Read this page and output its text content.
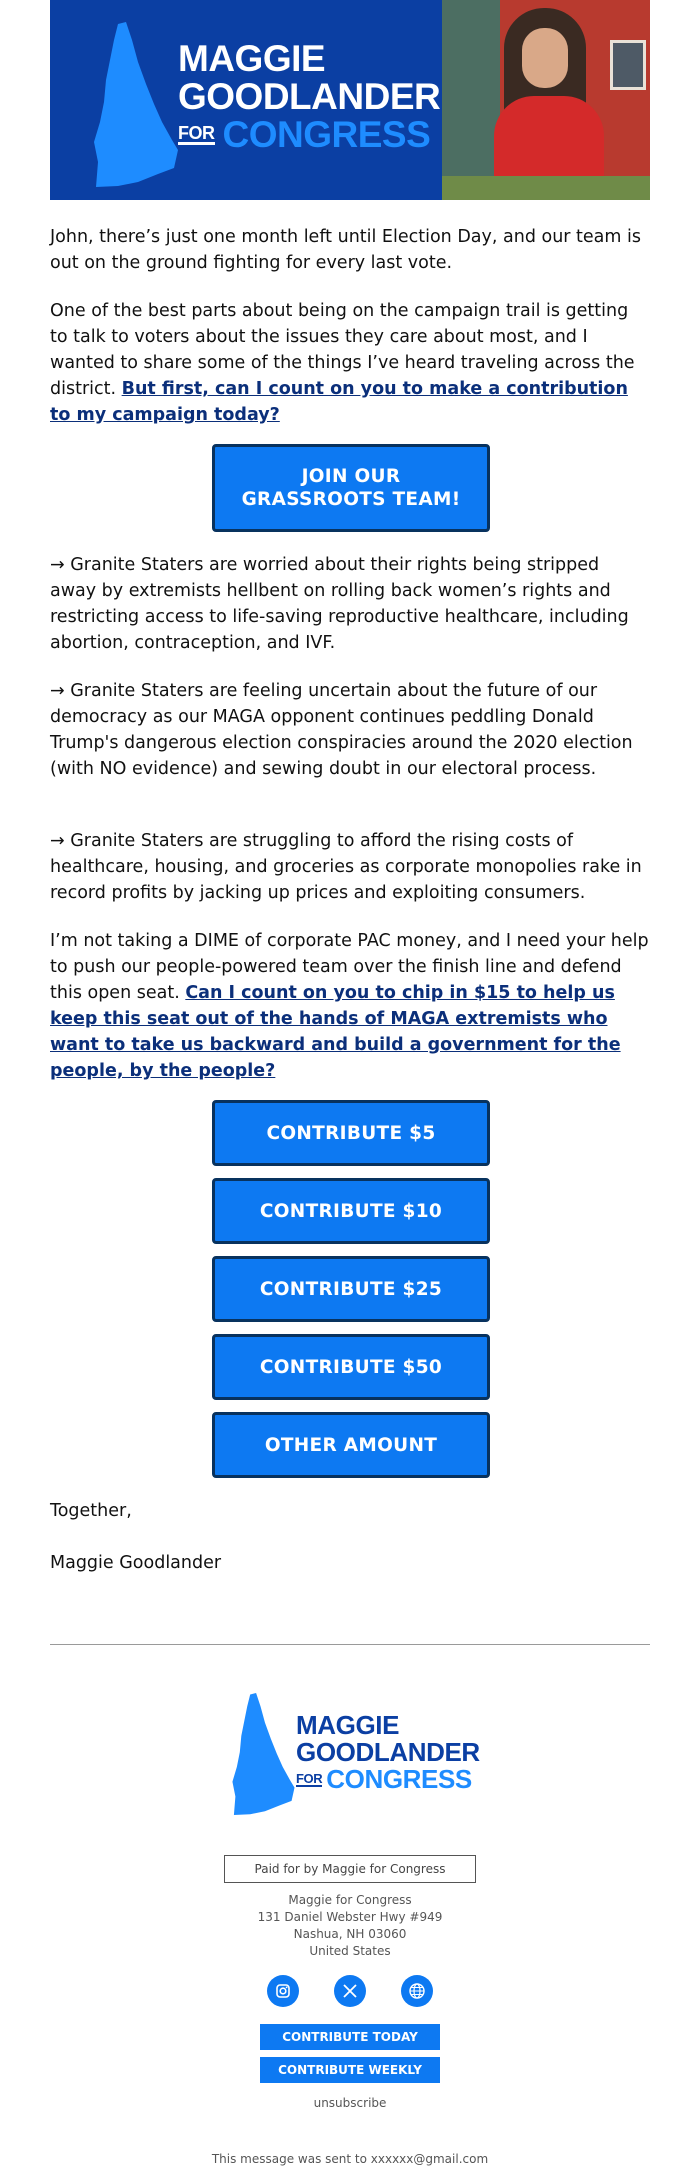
MAGGIE
GOODLANDER
FOR CONGRESS

John, there’s just one month left until Election Day, and our team is out on the ground fighting for every last vote.

One of the best parts about being on the campaign trail is getting to talk to voters about the issues they care about most, and I wanted to share some of the things I’ve heard traveling across the district. But first, can I count on you to make a contribution to my campaign today?

JOIN OUR GRASSROOTS TEAM!

→ Granite Staters are worried about their rights being stripped away by extremists hellbent on rolling back women’s rights and restricting access to life-saving reproductive healthcare, including abortion, contraception, and IVF.

→ Granite Staters are feeling uncertain about the future of our democracy as our MAGA opponent continues peddling Donald Trump's dangerous election conspiracies around the 2020 election (with NO evidence) and sewing doubt in our electoral process.

→ Granite Staters are struggling to afford the rising costs of healthcare, housing, and groceries as corporate monopolies rake in record profits by jacking up prices and exploiting consumers.

I’m not taking a DIME of corporate PAC money, and I need your help to push our people-powered team over the finish line and defend this open seat. Can I count on you to chip in $15 to help us keep this seat out of the hands of MAGA extremists who want to take us backward and build a government for the people, by the people?

CONTRIBUTE $5
CONTRIBUTE $10
CONTRIBUTE $25
CONTRIBUTE $50
OTHER AMOUNT

Together,

Maggie Goodlander

MAGGIE
GOODLANDER
FOR CONGRESS
Paid for by Maggie for Congress
Maggie for Congress
131 Daniel Webster Hwy #949
Nashua, NH 03060
United States
CONTRIBUTE TODAY
CONTRIBUTE WEEKLY
unsubscribe
This message was sent to xxxxxx@gmail.com
